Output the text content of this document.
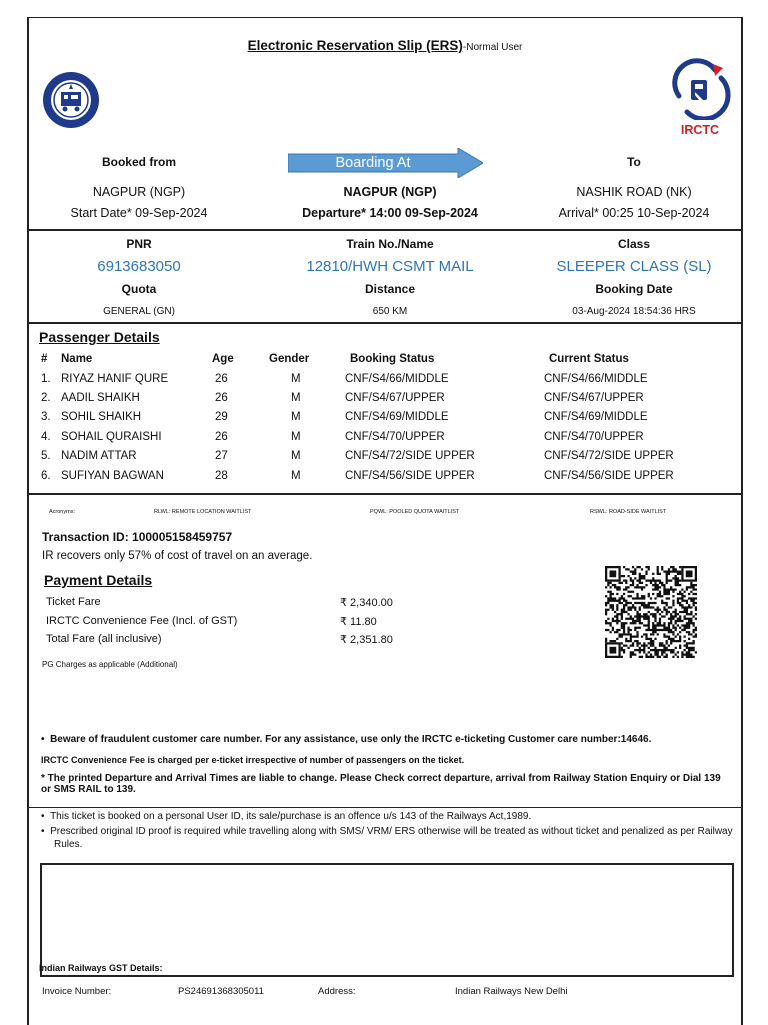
Electronic Reservation Slip (ERS)-Normal User
IRCTC
Booked from	Boarding At	To
NAGPUR (NGP)	NAGPUR (NGP)	NASHIK ROAD (NK)
Start Date* 09-Sep-2024	Departure* 14:00 09-Sep-2024	Arrival* 00:25 10-Sep-2024
PNR	Train No./Name	Class
6913683050	12810/HWH CSMT MAIL	SLEEPER CLASS (SL)
Quota	Distance	Booking Date
GENERAL (GN)	650 KM	03-Aug-2024 18:54:36 HRS
Passenger Details
# Name	Age	Gender	Booking Status	Current Status
1. RIYAZ HANIF QURE	26	M	CNF/S4/66/MIDDLE	CNF/S4/66/MIDDLE
2. AADIL SHAIKH	26	M	CNF/S4/67/UPPER	CNF/S4/67/UPPER
3. SOHIL SHAIKH	29	M	CNF/S4/69/MIDDLE	CNF/S4/69/MIDDLE
4. SOHAIL QURAISHI	26	M	CNF/S4/70/UPPER	CNF/S4/70/UPPER
5. NADIM ATTAR	27	M	CNF/S4/72/SIDE UPPER	CNF/S4/72/SIDE UPPER
6. SUFIYAN BAGWAN	28	M	CNF/S4/56/SIDE UPPER	CNF/S4/56/SIDE UPPER
Acronyms:	RLWL: REMOTE LOCATION WAITLIST	PQWL: POOLED QUOTA WAITLIST	RSWL: ROAD-SIDE WAITLIST
Transaction ID: 100005158459757
IR recovers only 57% of cost of travel on an average.
Payment Details
Ticket Fare	₹ 2,340.00
IRCTC Convenience Fee (Incl. of GST)	₹ 11.80
Total Fare (all inclusive)	₹ 2,351.80
PG Charges as applicable (Additional)
•  Beware of fraudulent customer care number. For any assistance, use only the IRCTC e-ticketing Customer care number:14646.
IRCTC Convenience Fee is charged per e-ticket irrespective of number of passengers on the ticket.
* The printed Departure and Arrival Times are liable to change. Please Check correct departure, arrival from Railway Station Enquiry or Dial 139 or SMS RAIL to 139.
•  This ticket is booked on a personal User ID, its sale/purchase is an offence u/s 143 of the Railways Act,1989.
•  Prescribed original ID proof is required while travelling along with SMS/ VRM/ ERS otherwise will be treated as without ticket and penalized as per Railway Rules.
Indian Railways GST Details:
Invoice Number:	PS24691368305011	Address:	Indian Railways New Delhi
